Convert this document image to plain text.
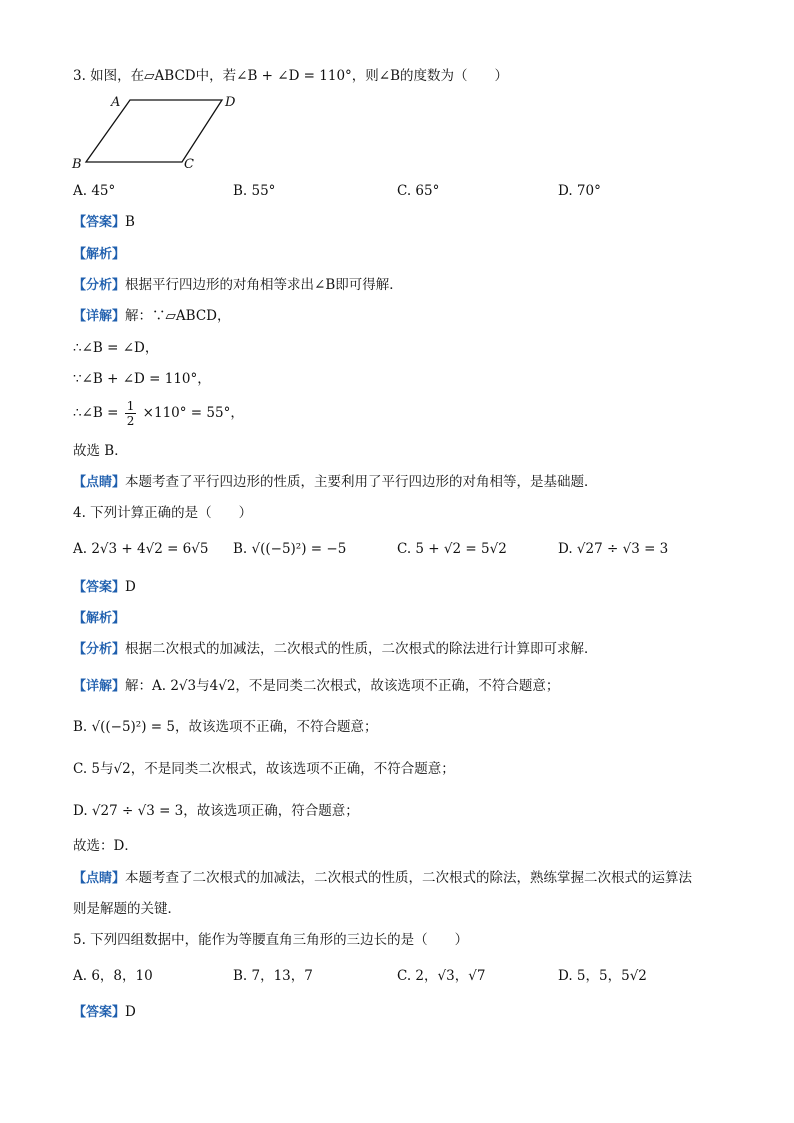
3. 如图，在▱ABCD中，若∠B + ∠D = 110°，则∠B的度数为（　　）
A	D
B	C
A. 45°	B. 55°	C. 65°	D. 70°
【答案】B
【解析】
【分析】根据平行四边形的对角相等求出∠B即可得解．
【详解】解：∵▱ABCD，
∴∠B = ∠D，
∵∠B + ∠D = 110°，
∴∠B = $\frac{1}{2} \times 110^\circ = 55^\circ$，
故选 B．
【点睛】本题考查了平行四边形的性质，主要利用了平行四边形的对角相等，是基础题．
4. 下列计算正确的是（　　）
A. 2√3 + 4√2 = 6√5 B. √((−5)²) = −5	C. 5 + √2 = 5√2	D. √27 ÷ √3 = 3
【答案】D
【解析】
【分析】根据二次根式的加减法，二次根式的性质，二次根式的除法进行计算即可求解．
【详解】解：A. 2√3与4√2，不是同类二次根式，故该选项不正确，不符合题意；
B. √((−5)²) = 5，故该选项不正确，不符合题意；
C. 5与√2，不是同类二次根式，故该选项不正确，不符合题意；
D. √27 ÷ √3 = 3，故该选项正确，符合题意；
故选：D．
【点睛】本题考查了二次根式的加减法，二次根式的性质，二次根式的除法，熟练掌握二次根式的运算法
则是解题的关键．
5. 下列四组数据中，能作为等腰直角三角形的三边长的是（　　）
A. 6，8，10	B. 7，13，7	C. 2，√3，√7	D. 5，5，5√2
【答案】D
